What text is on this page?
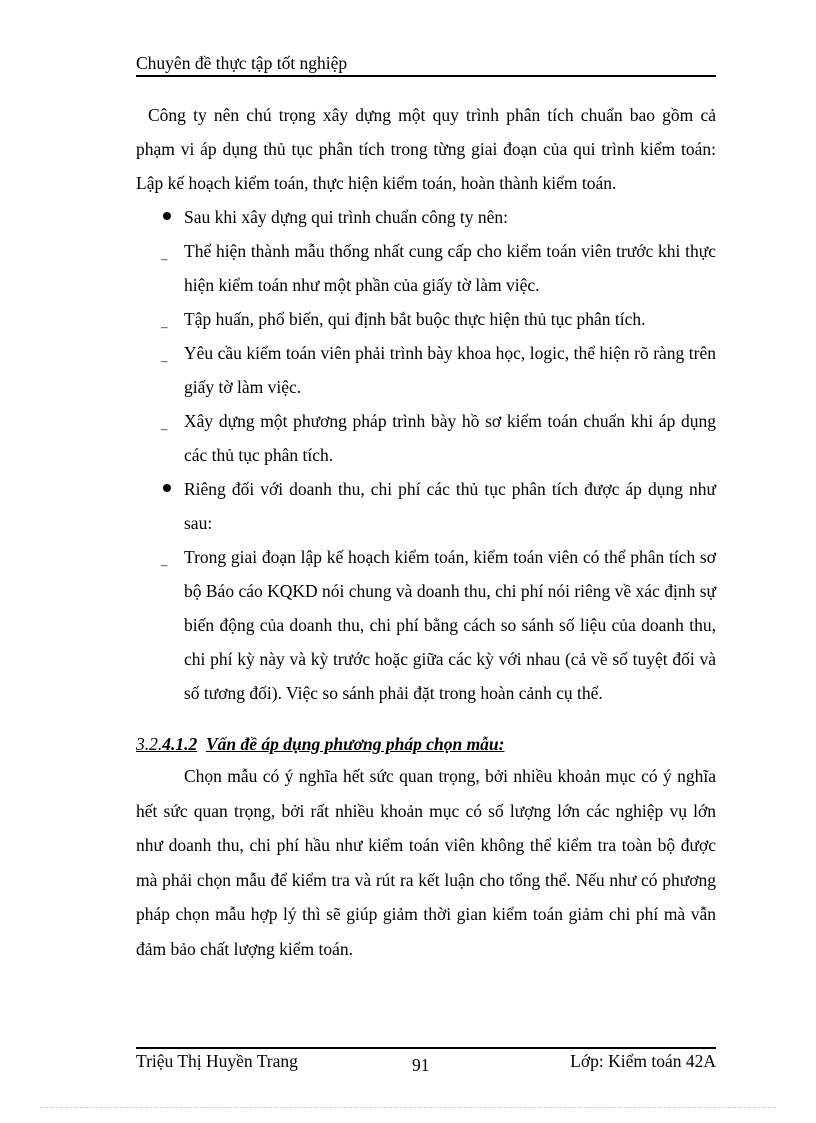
Chuyên đề thực tập tốt nghiệp

Công ty nên chú trọng xây dựng một quy trình phân tích chuẩn bao gồm cả phạm vi áp dụng thủ tục phân tích trong từng giai đoạn của qui trình kiểm toán: Lập kế hoạch kiểm toán, thực hiện kiểm toán, hoàn thành kiểm toán.

Sau khi xây dựng qui trình chuẩn công ty nên:
– Thể hiện thành mẫu thống nhất cung cấp cho kiểm toán viên trước khi thực hiện kiểm toán như một phần của giấy tờ làm việc.
– Tập huấn, phổ biến, qui định bắt buộc thực hiện thủ tục phân tích.
– Yêu cầu kiểm toán viên phải trình bày khoa học, logic, thể hiện rõ ràng trên giấy tờ làm việc.
– Xây dựng một phương pháp trình bày hồ sơ kiểm toán chuẩn khi áp dụng các thủ tục phân tích.
Riêng đối với doanh thu, chi phí các thủ tục phân tích được áp dụng như sau:
– Trong giai đoạn lập kế hoạch kiểm toán, kiểm toán viên có thể phân tích sơ bộ Báo cáo KQKD nói chung và doanh thu, chi phí nói riêng về xác định sự biến động của doanh thu, chi phí bằng cách so sánh số liệu của doanh thu, chi phí kỳ này và kỳ trước hoặc giữa các kỳ với nhau (cả về số tuyệt đối và số tương đối). Việc so sánh phải đặt trong hoàn cảnh cụ thể.

3.2.4.1.2 Vấn đề áp dụng phương pháp chọn mẫu:

Chọn mẫu có ý nghĩa hết sức quan trọng, bởi nhiều khoản mục có ý nghĩa hết sức quan trọng, bởi rất nhiều khoản mục có số lượng lớn các nghiệp vụ lớn như doanh thu, chi phí hầu như kiểm toán viên không thể kiểm tra toàn bộ được mà phải chọn mẫu để kiểm tra và rút ra kết luận cho tổng thể. Nếu như có phương pháp chọn mẫu hợp lý thì sẽ giúp giảm thời gian kiểm toán giảm chi phí mà vẫn đảm bảo chất lượng kiểm toán.

Triệu Thị Huyền Trang	91	Lớp: Kiểm toán 42A
